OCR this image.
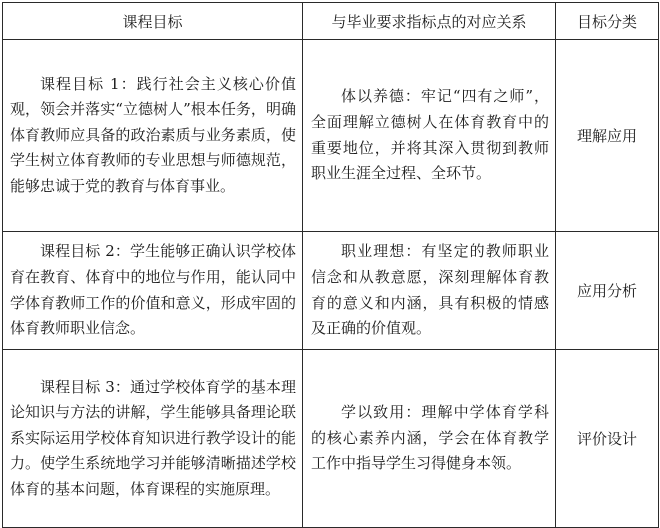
课程目标	与毕业要求指标点的对应关系	目标分类

课程目标 1：践行社会主义核心价值观，领会并落实“立德树人”根本任务，明确体育教师应具备的政治素质与业务素质，使学生树立体育教师的专业思想与师德规范，能够忠诚于党的教育与体育事业。	体以养德：牢记“四有之师”，全面理解立德树人在体育教育中的重要地位，并将其深入贯彻到教师职业生涯全过程、全环节。	理解应用

课程目标 2：学生能够正确认识学校体育在教育、体育中的地位与作用，能认同中学体育教师工作的价值和意义，形成牢固的体育教师职业信念。	职业理想：有坚定的教师职业信念和从教意愿，深刻理解体育教育的意义和内涵，具有积极的情感及正确的价值观。	应用分析

课程目标 3：通过学校体育学的基本理论知识与方法的讲解，学生能够具备理论联系实际运用学校体育知识进行教学设计的能力。使学生系统地学习并能够清晰描述学校体育的基本问题，体育课程的实施原理。	学以致用：理解中学体育学科的核心素养内涵，学会在体育教学工作中指导学生习得健身本领。	评价设计
